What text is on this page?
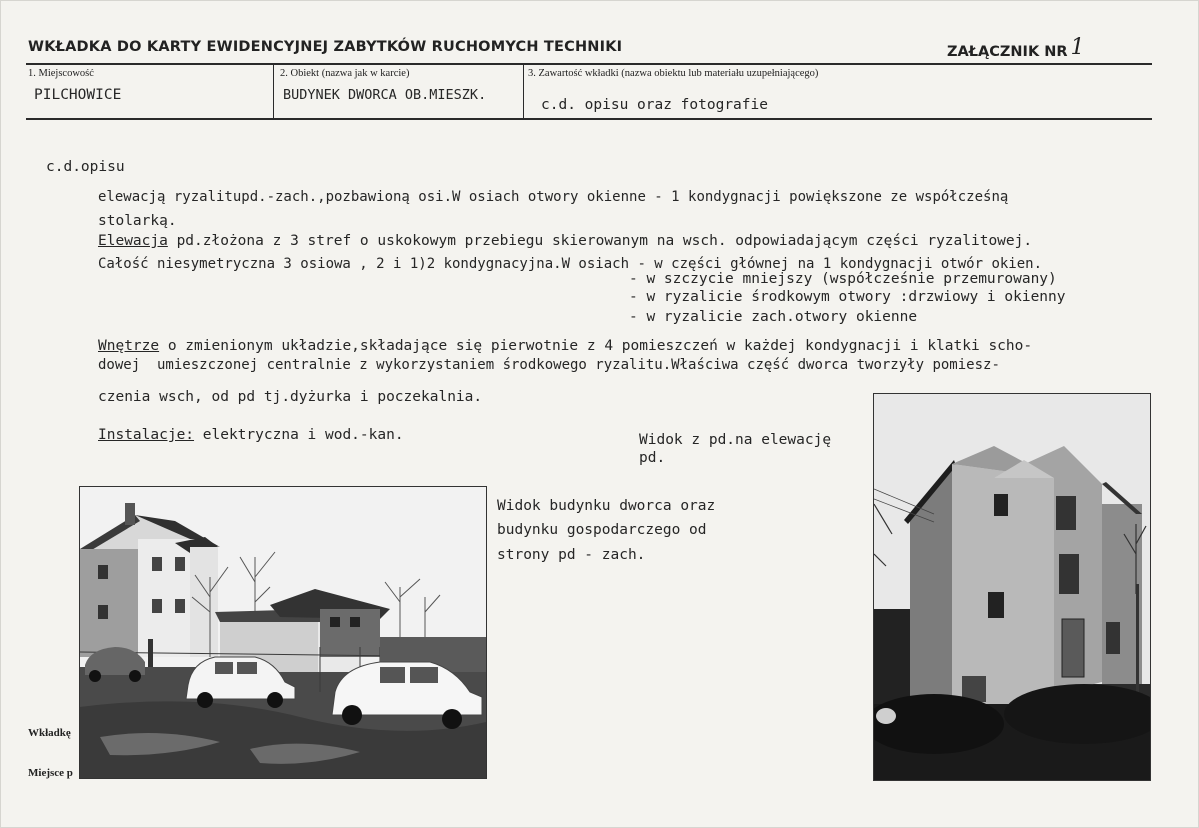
WKŁADKA DO KARTY EWIDENCYJNEJ ZABYTKÓW RUCHOMYCH TECHNIKI	ZAŁĄCZNIK NR 1
1. Miejscowość
PILCHOWICE
2. Obiekt (nazwa jak w karcie)
BUDYNEK DWORCA OB.MIESZK.
3. Zawartość wkładki (nazwa obiektu lub materiału uzupełniającego)
c.d. opisu oraz fotografie
c.d.opisu
elewacją ryzalitupd.-zach.,pozbawioną osi.W osiach otwory okienne - 1 kondygnacji powiększone ze współcześną
stolarką.
Elewacja pd.złożona z 3 stref o uskokowym przebiegu skierowanym na wsch. odpowiadającym części ryzalitowej.
Całość niesymetryczna 3 osiowa , 2 i 1)2 kondygnacyjna.W osiach - w części głównej na 1 kondygnacji otwór okien.
- w szczycie mniejszy (współcześnie przemurowany)
- w ryzalicie środkowym otwory :drzwiowy i okienny
- w ryzalicie zach.otwory okienne
Wnętrze o zmienionym układzie,składające się pierwotnie z 4 pomieszczeń w każdej kondygnacji i klatki scho-
dowej  umieszczonej centralnie z wykorzystaniem środkowego ryzalitu.Właściwa część dworca tworzyły pomiesz-
czenia wsch, od pd tj.dyżurka i poczekalnia.
Instalacje: elektryczna i wod.-kan.	Widok z pd.na elewację
pd.
Widok budynku dworca oraz
budynku gospodarczego od
strony pd - zach.
Wkładkę
Miejsce p
